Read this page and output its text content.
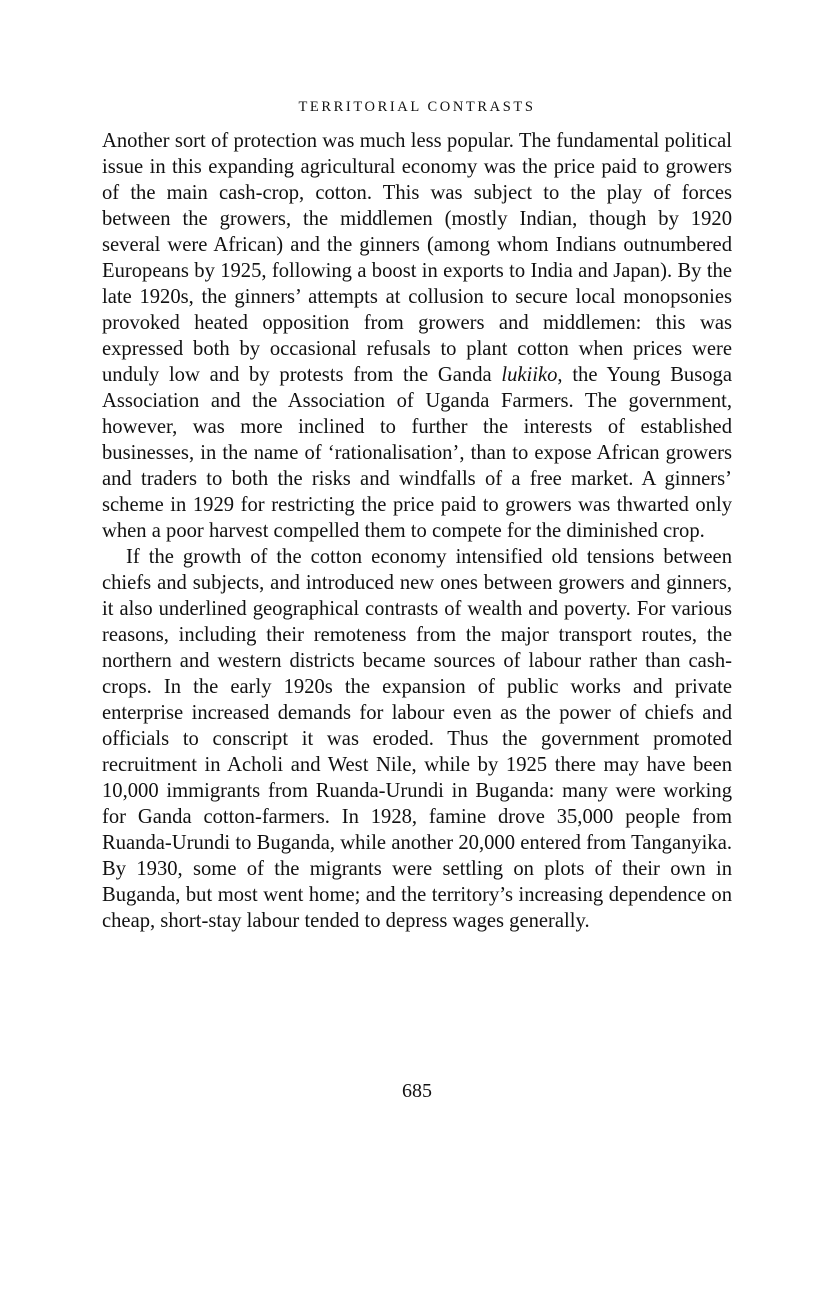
TERRITORIAL CONTRASTS

Another sort of protection was much less popular. The fundamental political issue in this expanding agricultural economy was the price paid to growers of the main cash-crop, cotton. This was subject to the play of forces between the growers, the middlemen (mostly Indian, though by 1920 several were African) and the ginners (among whom Indians outnumbered Europeans by 1925, following a boost in exports to India and Japan). By the late 1920s, the ginners’ attempts at collusion to secure local monopsonies provoked heated opposition from growers and middlemen: this was expressed both by occasional refusals to plant cotton when prices were unduly low and by protests from the Ganda lukiiko, the Young Busoga Association and the Association of Uganda Farmers. The government, however, was more inclined to further the interests of established businesses, in the name of ‘rationalisation’, than to expose African growers and traders to both the risks and windfalls of a free market. A ginners’ scheme in 1929 for restricting the price paid to growers was thwarted only when a poor harvest compelled them to compete for the diminished crop.

If the growth of the cotton economy intensified old tensions between chiefs and subjects, and introduced new ones between growers and ginners, it also underlined geographical contrasts of wealth and poverty. For various reasons, including their remoteness from the major transport routes, the northern and western districts became sources of labour rather than cash-crops. In the early 1920s the expansion of public works and private enterprise increased demands for labour even as the power of chiefs and officials to conscript it was eroded. Thus the government promoted recruitment in Acholi and West Nile, while by 1925 there may have been 10,000 immigrants from Ruanda-Urundi in Buganda: many were working for Ganda cotton-farmers. In 1928, famine drove 35,000 people from Ruanda-Urundi to Buganda, while another 20,000 entered from Tanganyika. By 1930, some of the migrants were settling on plots of their own in Buganda, but most went home; and the territory’s increasing dependence on cheap, short-stay labour tended to depress wages generally.

685
